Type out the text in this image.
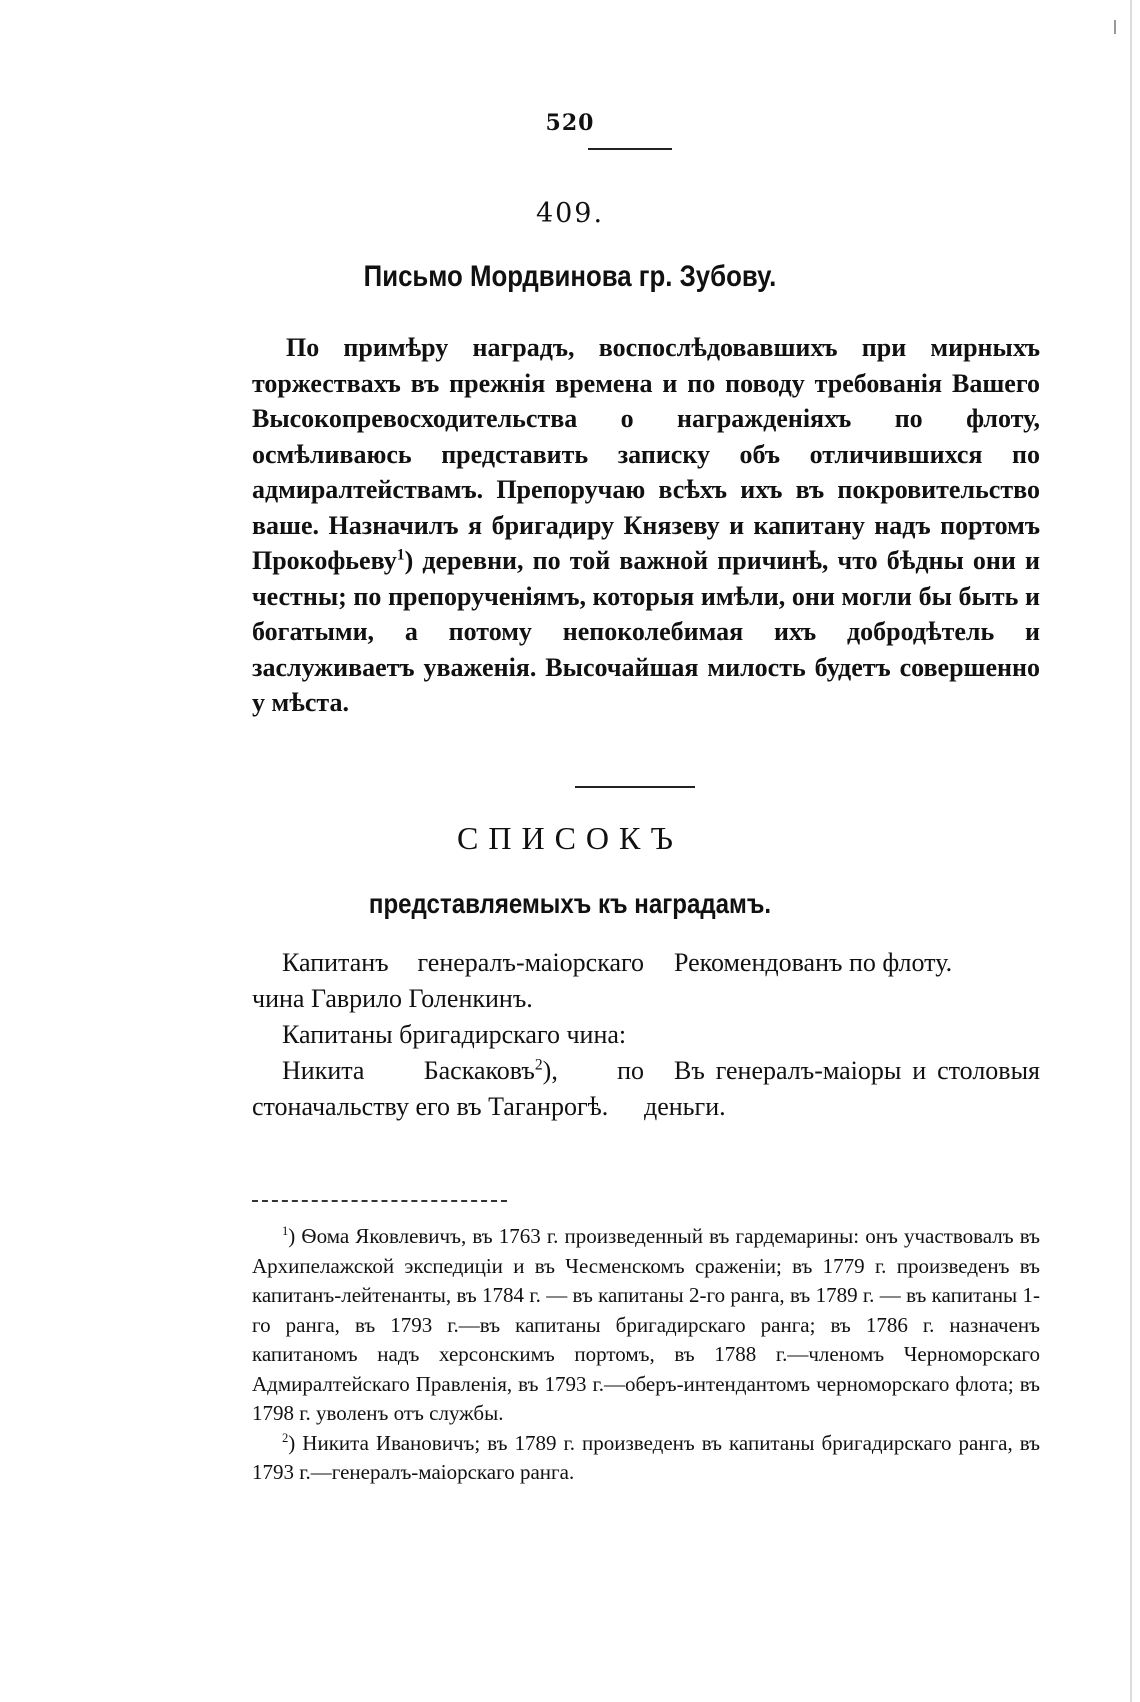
520
409.
Письмо Мордвинова гр. Зубову.

По примѣру наградъ, воспослѣдовавшихъ при мирныхъ торжествахъ въ прежнія времена и по поводу требованія Вашего Высокопревосходительства о награжденіяхъ по флоту, осмѣливаюсь представить записку объ отличившихся по адмиралтействамъ. Препоручаю всѣхъ ихъ въ покровительство ваше. Назначилъ я бригадиру Князеву и капитану надъ портомъ Прокофьеву$^1$) деревни, по той важной причинѣ, что бѣдны они и честны; по препорученіямъ, которыя имѣли, они могли бы быть и богатыми, а потому непоколебимая ихъ добродѣтель и заслуживаетъ уваженія. Высочайшая милость будетъ совершенно у мѣста.

СПИСОКЪ
представляемыхъ къ наградамъ.
Капитанъ генералъ-маіорскаго чина Гаврило Голенкинъ.
Рекомендованъ по флоту.
Капитаны бригадирскаго чина:
Никита Баскаковъ$^2$), по стоначальству его въ Таганрогѣ.
Въ генералъ-маіоры и столовыя деньги.

$^1$) Ѳома Яковлевичъ, въ 1763 г. произведенный въ гардемарины: онъ участвовалъ въ Архипелажской экспедиціи и въ Чесменскомъ сраженіи; въ 1779 г. произведенъ въ капитанъ-лейтенанты, въ 1784 г. — въ капитаны 2-го ранга, въ 1789 г. — въ капитаны 1-го ранга, въ 1793 г.—въ капитаны бригадирскаго ранга; въ 1786 г. назначенъ капитаномъ надъ херсонскимъ портомъ, въ 1788 г.—членомъ Черноморскаго Адмиралтейскаго Правленія, въ 1793 г.—оберъ-интендантомъ черноморскаго флота; въ 1798 г. уволенъ отъ службы.

$^2$) Никита Ивановичъ; въ 1789 г. произведенъ въ капитаны бригадирскаго ранга, въ 1793 г.—генералъ-маіорскаго ранга.
